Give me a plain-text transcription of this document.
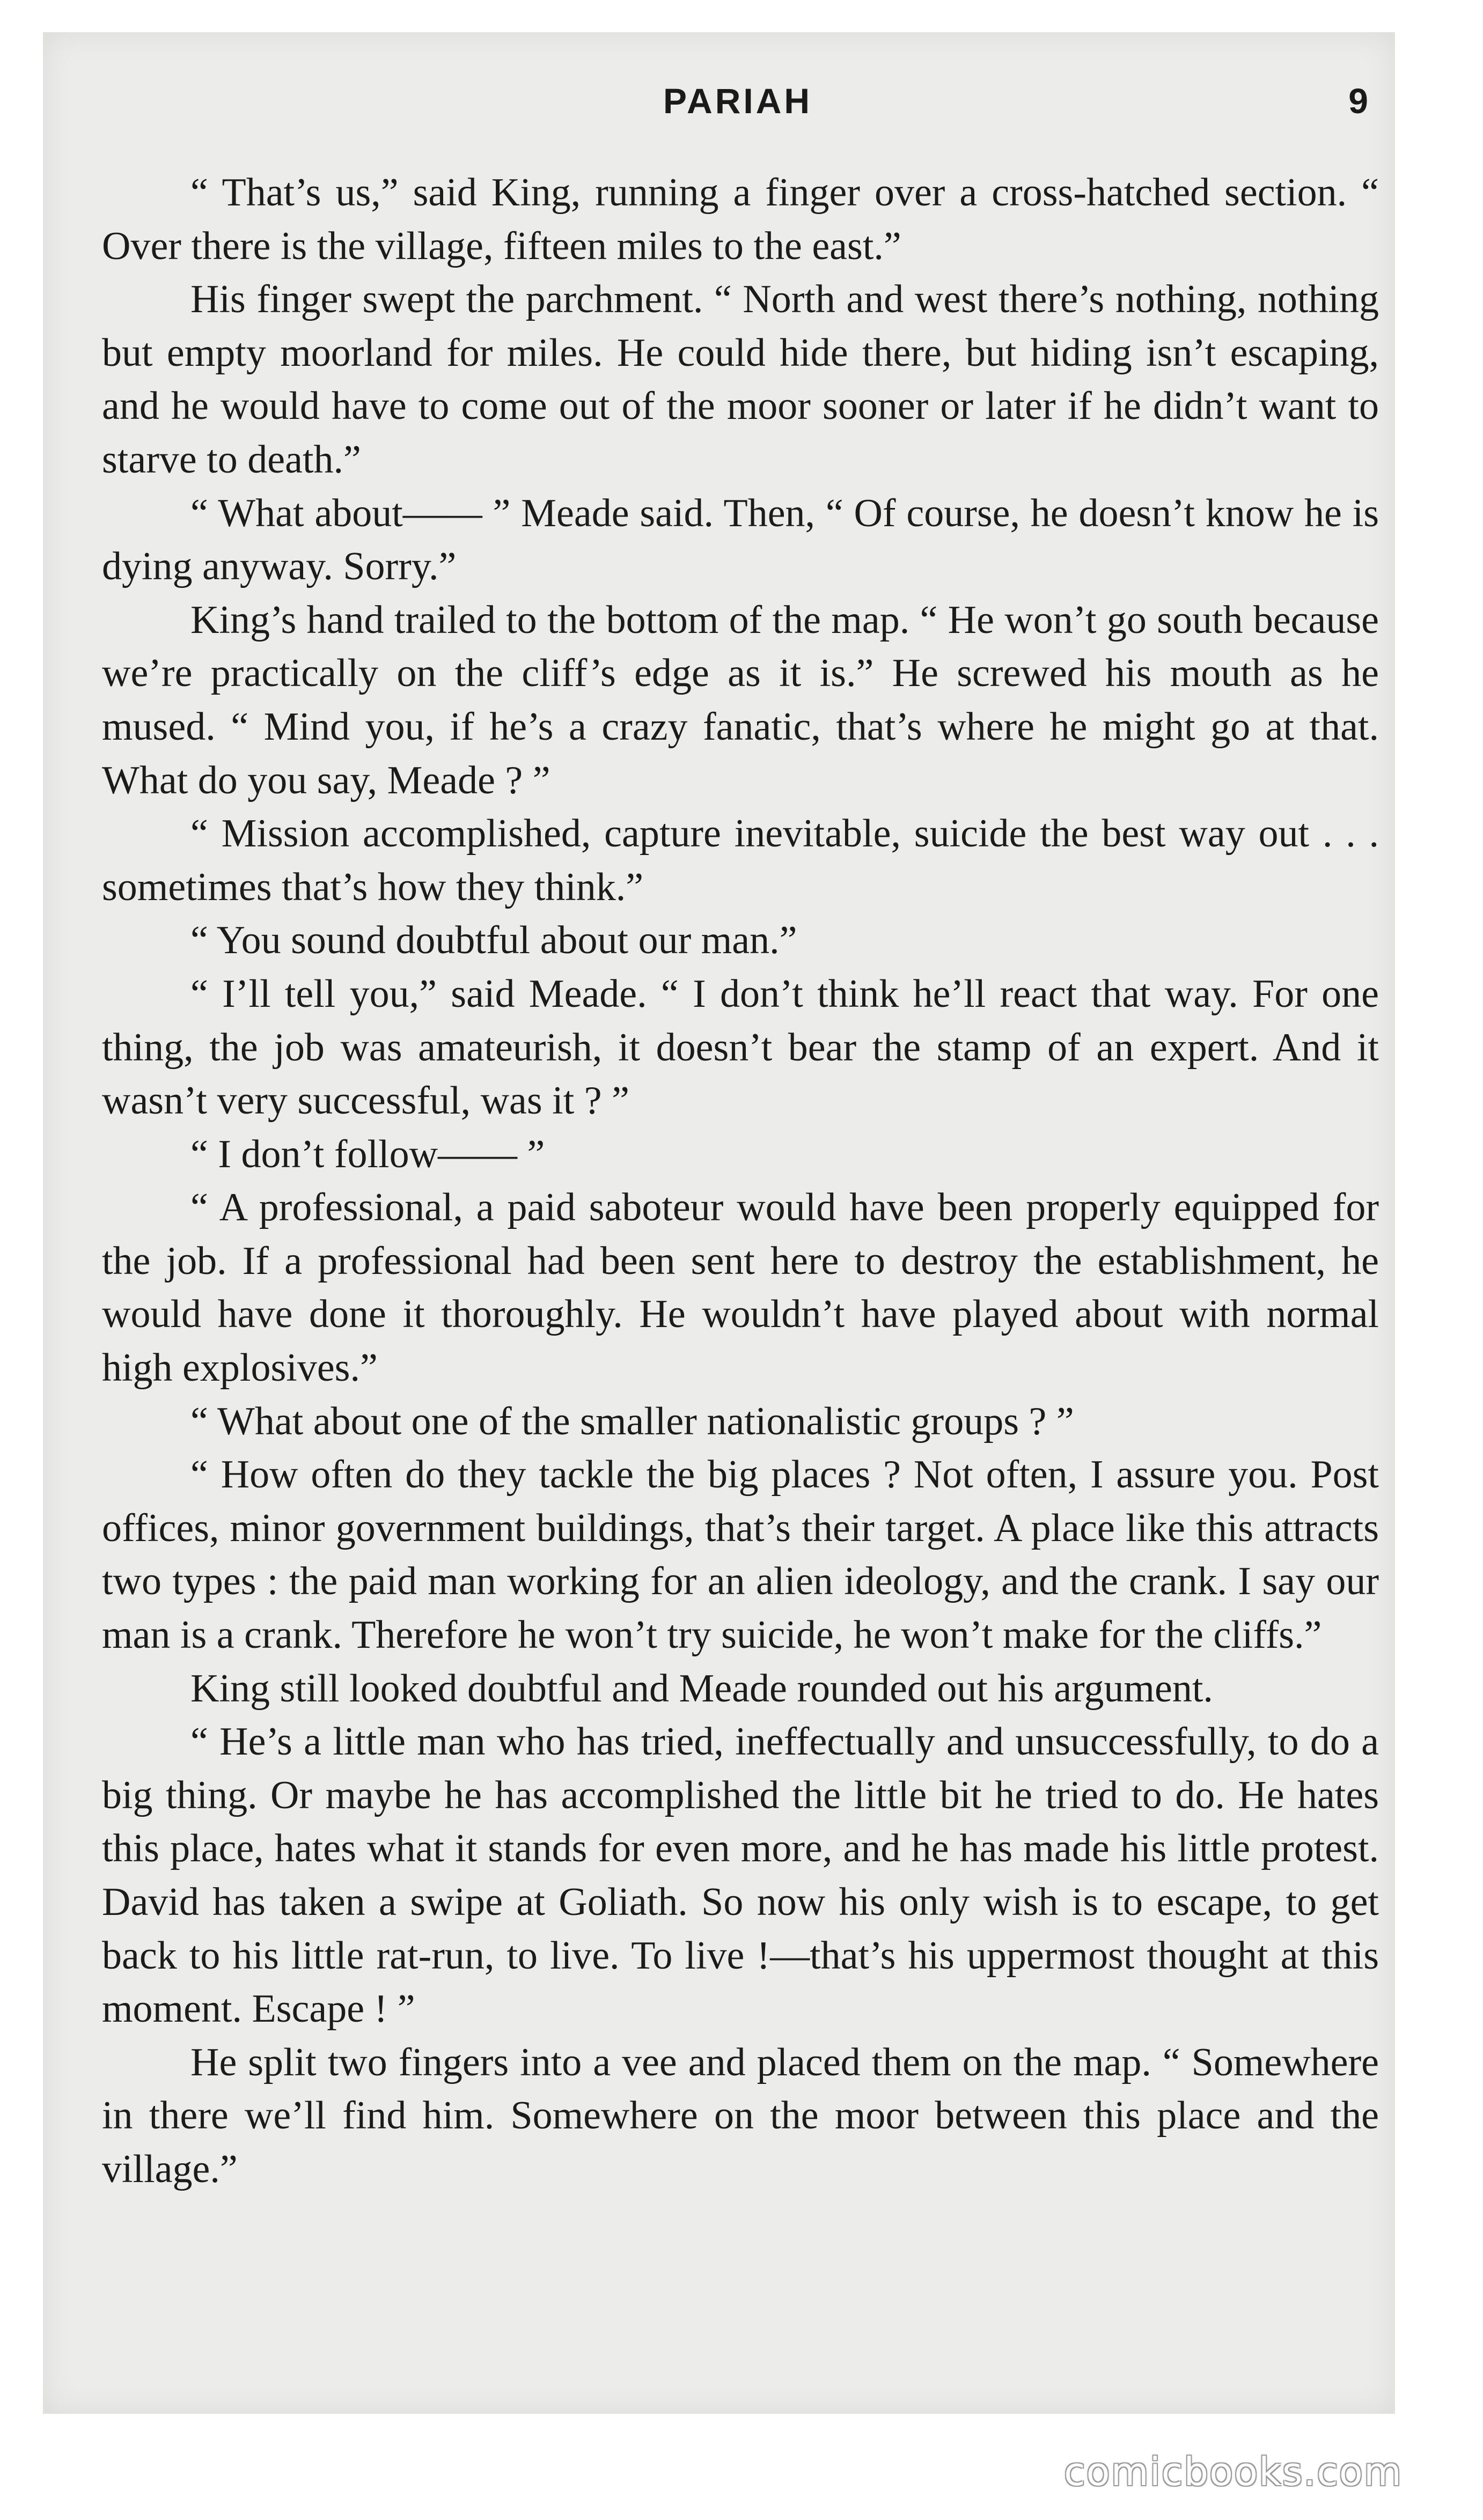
PARIAH	9

“ That’s us,” said King, running a finger over a cross-hatched section. “ Over there is the village, fifteen miles to the east.”

His finger swept the parchment. “ North and west there’s nothing, nothing but empty moorland for miles. He could hide there, but hiding isn’t escaping, and he would have to come out of the moor sooner or later if he didn’t want to starve to death.”

“ What about—— ” Meade said. Then, “ Of course, he doesn’t know he is dying anyway. Sorry.”

King’s hand trailed to the bottom of the map. “ He won’t go south because we’re practically on the cliff’s edge as it is.” He screwed his mouth as he mused. “ Mind you, if he’s a crazy fanatic, that’s where he might go at that. What do you say, Meade ? ”

“ Mission accomplished, capture inevitable, suicide the best way out . . . sometimes that’s how they think.”

“ You sound doubtful about our man.”

“ I’ll tell you,” said Meade. “ I don’t think he’ll react that way. For one thing, the job was amateurish, it doesn’t bear the stamp of an expert. And it wasn’t very successful, was it ? ”

“ I don’t follow—— ”

“ A professional, a paid saboteur would have been properly equipped for the job. If a professional had been sent here to destroy the establishment, he would have done it thoroughly. He wouldn’t have played about with normal high explosives.”

“ What about one of the smaller nationalistic groups ? ”

“ How often do they tackle the big places ? Not often, I assure you. Post offices, minor government buildings, that’s their target. A place like this attracts two types : the paid man working for an alien ideology, and the crank. I say our man is a crank. Therefore he won’t try suicide, he won’t make for the cliffs.”

King still looked doubtful and Meade rounded out his argument.

“ He’s a little man who has tried, ineffectually and unsuccessfully, to do a big thing. Or maybe he has accomplished the little bit he tried to do. He hates this place, hates what it stands for even more, and he has made his little protest. David has taken a swipe at Goliath. So now his only wish is to escape, to get back to his little rat-run, to live. To live !—that’s his uppermost thought at this moment. Escape ! ”

He split two fingers into a vee and placed them on the map. “ Somewhere in there we’ll find him. Somewhere on the moor between this place and the village.”

comicbooks.com
